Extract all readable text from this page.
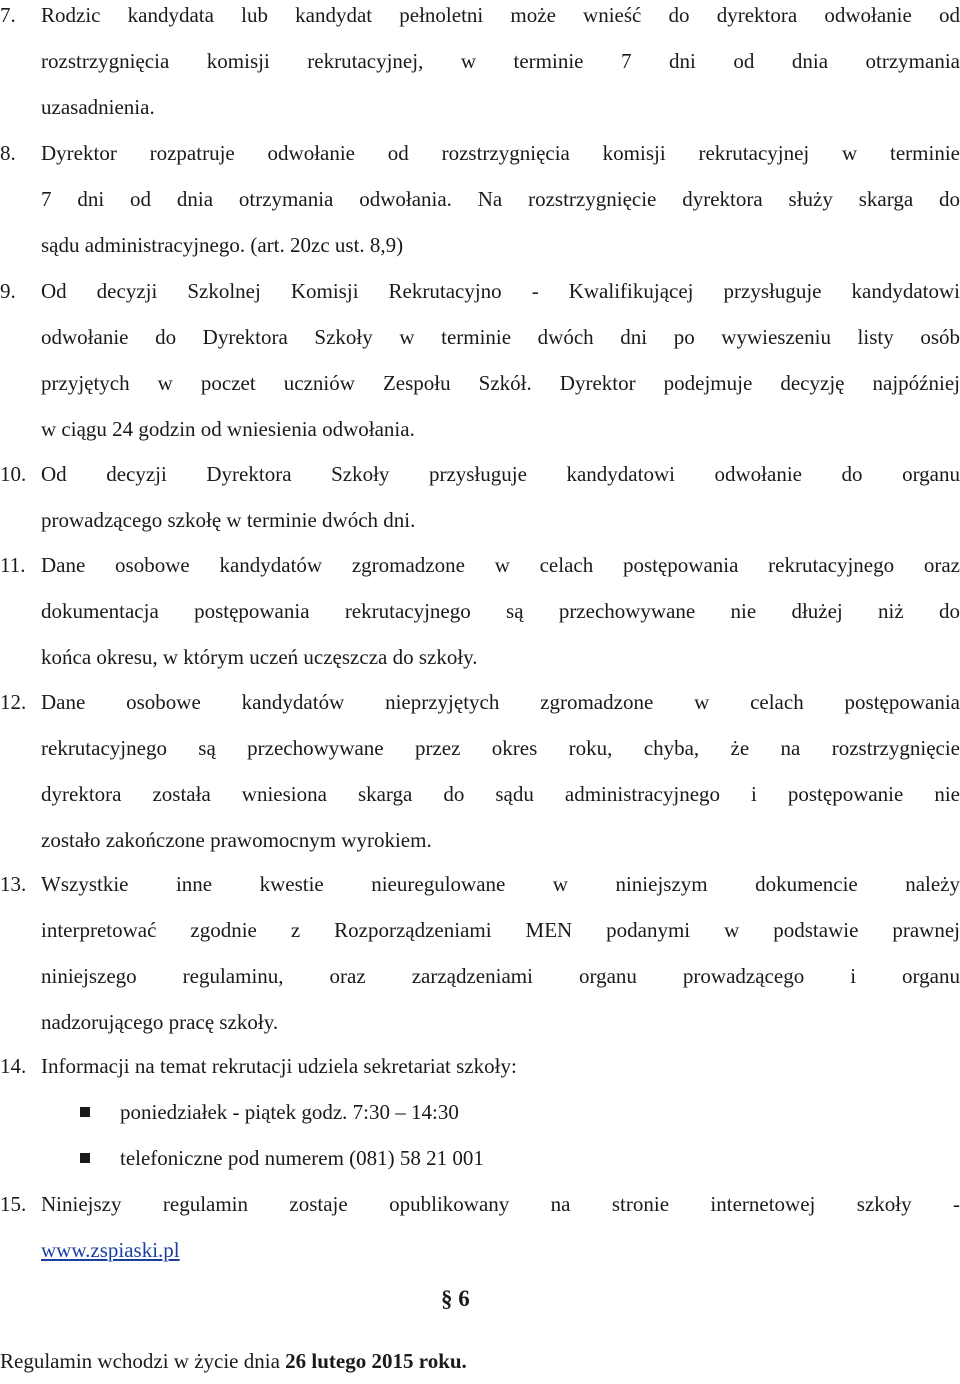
7. Rodzic kandydata lub kandydat pełnoletni może wnieść do dyrektora odwołanie od
rozstrzygnięcia komisji rekrutacyjnej, w terminie 7 dni od dnia otrzymania
uzasadnienia.
8. Dyrektor rozpatruje odwołanie od rozstrzygnięcia komisji rekrutacyjnej w terminie
7 dni od dnia otrzymania odwołania. Na rozstrzygnięcie dyrektora służy skarga do
sądu administracyjnego. (art. 20zc ust. 8,9)
9. Od decyzji Szkolnej Komisji Rekrutacyjno - Kwalifikującej przysługuje kandydatowi
odwołanie do Dyrektora Szkoły w terminie dwóch dni po wywieszeniu listy osób
przyjętych w poczet uczniów Zespołu Szkół. Dyrektor podejmuje decyzję najpóźniej
w ciągu 24 godzin od wniesienia odwołania.
10. Od decyzji Dyrektora Szkoły przysługuje kandydatowi odwołanie do organu
prowadzącego szkołę w terminie dwóch dni.
11. Dane osobowe kandydatów zgromadzone w celach postępowania rekrutacyjnego oraz
dokumentacja postępowania rekrutacyjnego są przechowywane nie dłużej niż do
końca okresu, w którym uczeń uczęszcza do szkoły.
12. Dane osobowe kandydatów nieprzyjętych zgromadzone w celach postępowania
rekrutacyjnego są przechowywane przez okres roku, chyba, że na rozstrzygnięcie
dyrektora została wniesiona skarga do sądu administracyjnego i postępowanie nie
zostało zakończone prawomocnym wyrokiem.
13. Wszystkie inne kwestie nieuregulowane w niniejszym dokumencie należy
interpretować zgodnie z Rozporządzeniami MEN podanymi w podstawie prawnej
niniejszego regulaminu, oraz zarządzeniami organu prowadzącego i organu
nadzorującego pracę szkoły.
14. Informacji na temat rekrutacji udziela sekretariat szkoły:
poniedziałek - piątek godz. 7:30 – 14:30
telefoniczne pod numerem (081) 58 21 001
15. Niniejszy regulamin zostaje opublikowany na stronie internetowej szkoły -
www.zspiaski.pl
§ 6
Regulamin wchodzi w życie dnia 26 lutego 2015 roku.
